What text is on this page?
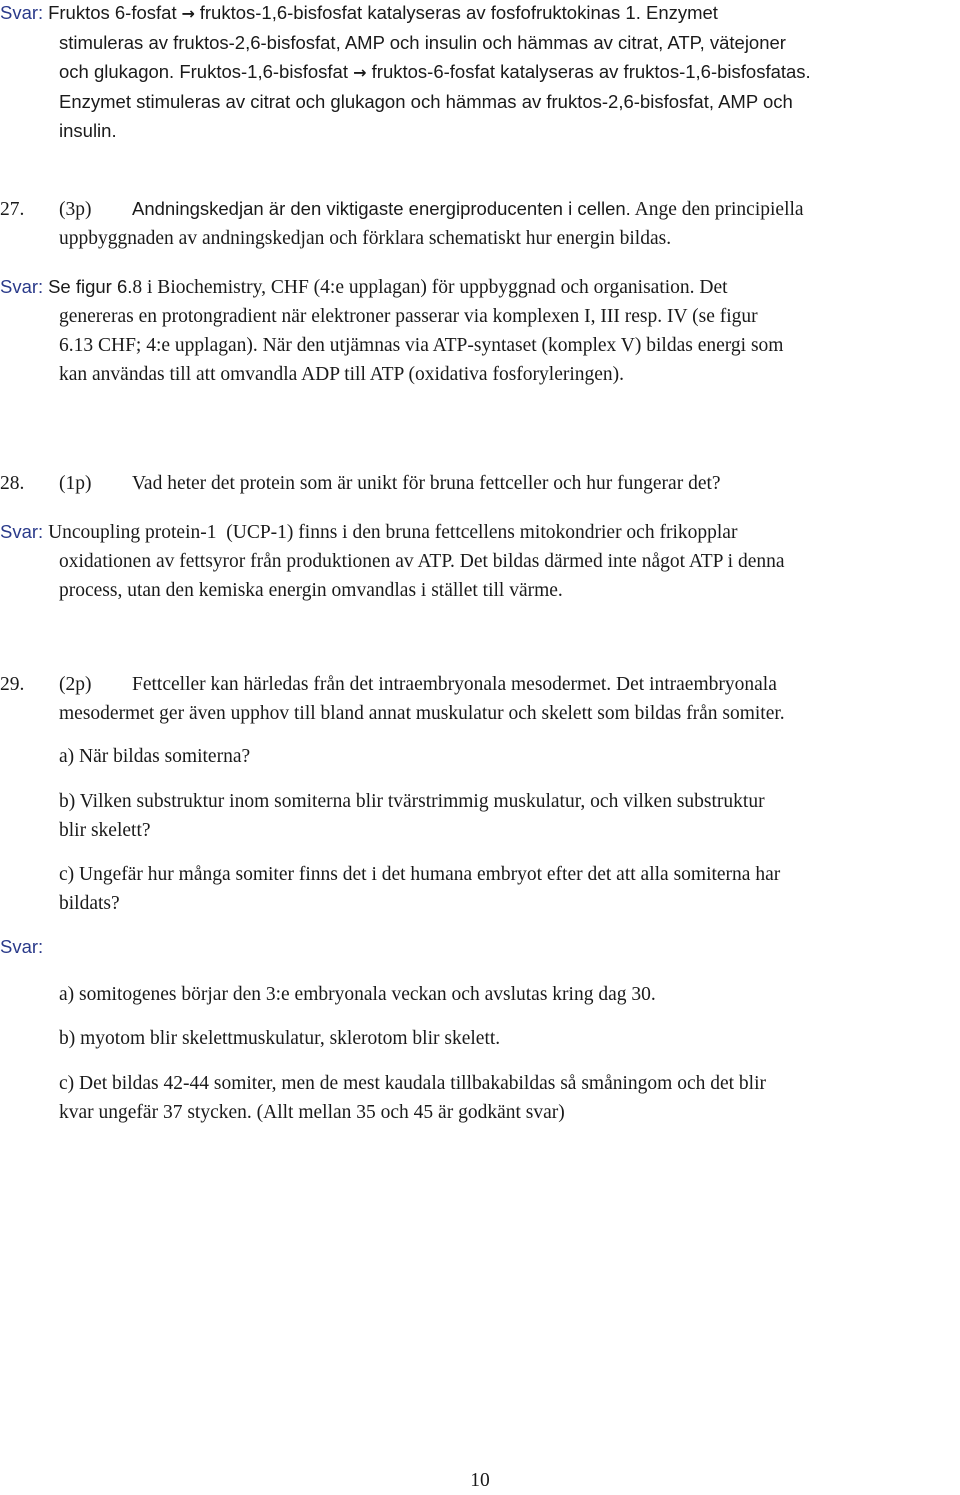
Svar: Fruktos 6-fosfat → fruktos-1,6-bisfosfat katalyseras av fosfofruktokinas 1. Enzymet

stimuleras av fruktos-2,6-bisfosfat, AMP och insulin och hämmas av citrat, ATP, vätejoner

och glukagon. Fruktos-1,6-bisfosfat → fruktos-6-fosfat katalyseras av fruktos-1,6-bisfosfatas.

Enzymet stimuleras av citrat och glukagon och hämmas av fruktos-2,6-bisfosfat, AMP och

insulin.

27. (3p) Andningskedjan är den viktigaste energiproducenten i cellen. Ange den principiella

uppbyggnaden av andningskedjan och förklara schematiskt hur energin bildas.

Svar: Se figur 6.8 i Biochemistry, CHF (4:e upplagan) för uppbyggnad och organisation. Det

genereras en protongradient när elektroner passerar via komplexen I, III resp. IV (se figur

6.13 CHF; 4:e upplagan). När den utjämnas via ATP-syntaset (komplex V) bildas energi som

kan användas till att omvandla ADP till ATP (oxidativa fosforyleringen).

28. (1p) Vad heter det protein som är unikt för bruna fettceller och hur fungerar det?

Svar: Uncoupling protein-1  (UCP-1) finns i den bruna fettcellens mitokondrier och frikopplar

oxidationen av fettsyror från produktionen av ATP. Det bildas därmed inte något ATP i denna

process, utan den kemiska energin omvandlas i stället till värme.

29. (2p) Fettceller kan härledas från det intraembryonala mesodermet. Det intraembryonala

mesodermet ger även upphov till bland annat muskulatur och skelett som bildas från somiter.

a) När bildas somiterna?

b) Vilken substruktur inom somiterna blir tvärstrimmig muskulatur, och vilken substruktur

blir skelett?

c) Ungefär hur många somiter finns det i det humana embryot efter det att alla somiterna har

bildats?

Svar:

a) somitogenes börjar den 3:e embryonala veckan och avslutas kring dag 30.

b) myotom blir skelettmuskulatur, sklerotom blir skelett.

c) Det bildas 42-44 somiter, men de mest kaudala tillbakabildas så småningom och det blir

kvar ungefär 37 stycken. (Allt mellan 35 och 45 är godkänt svar)

10
